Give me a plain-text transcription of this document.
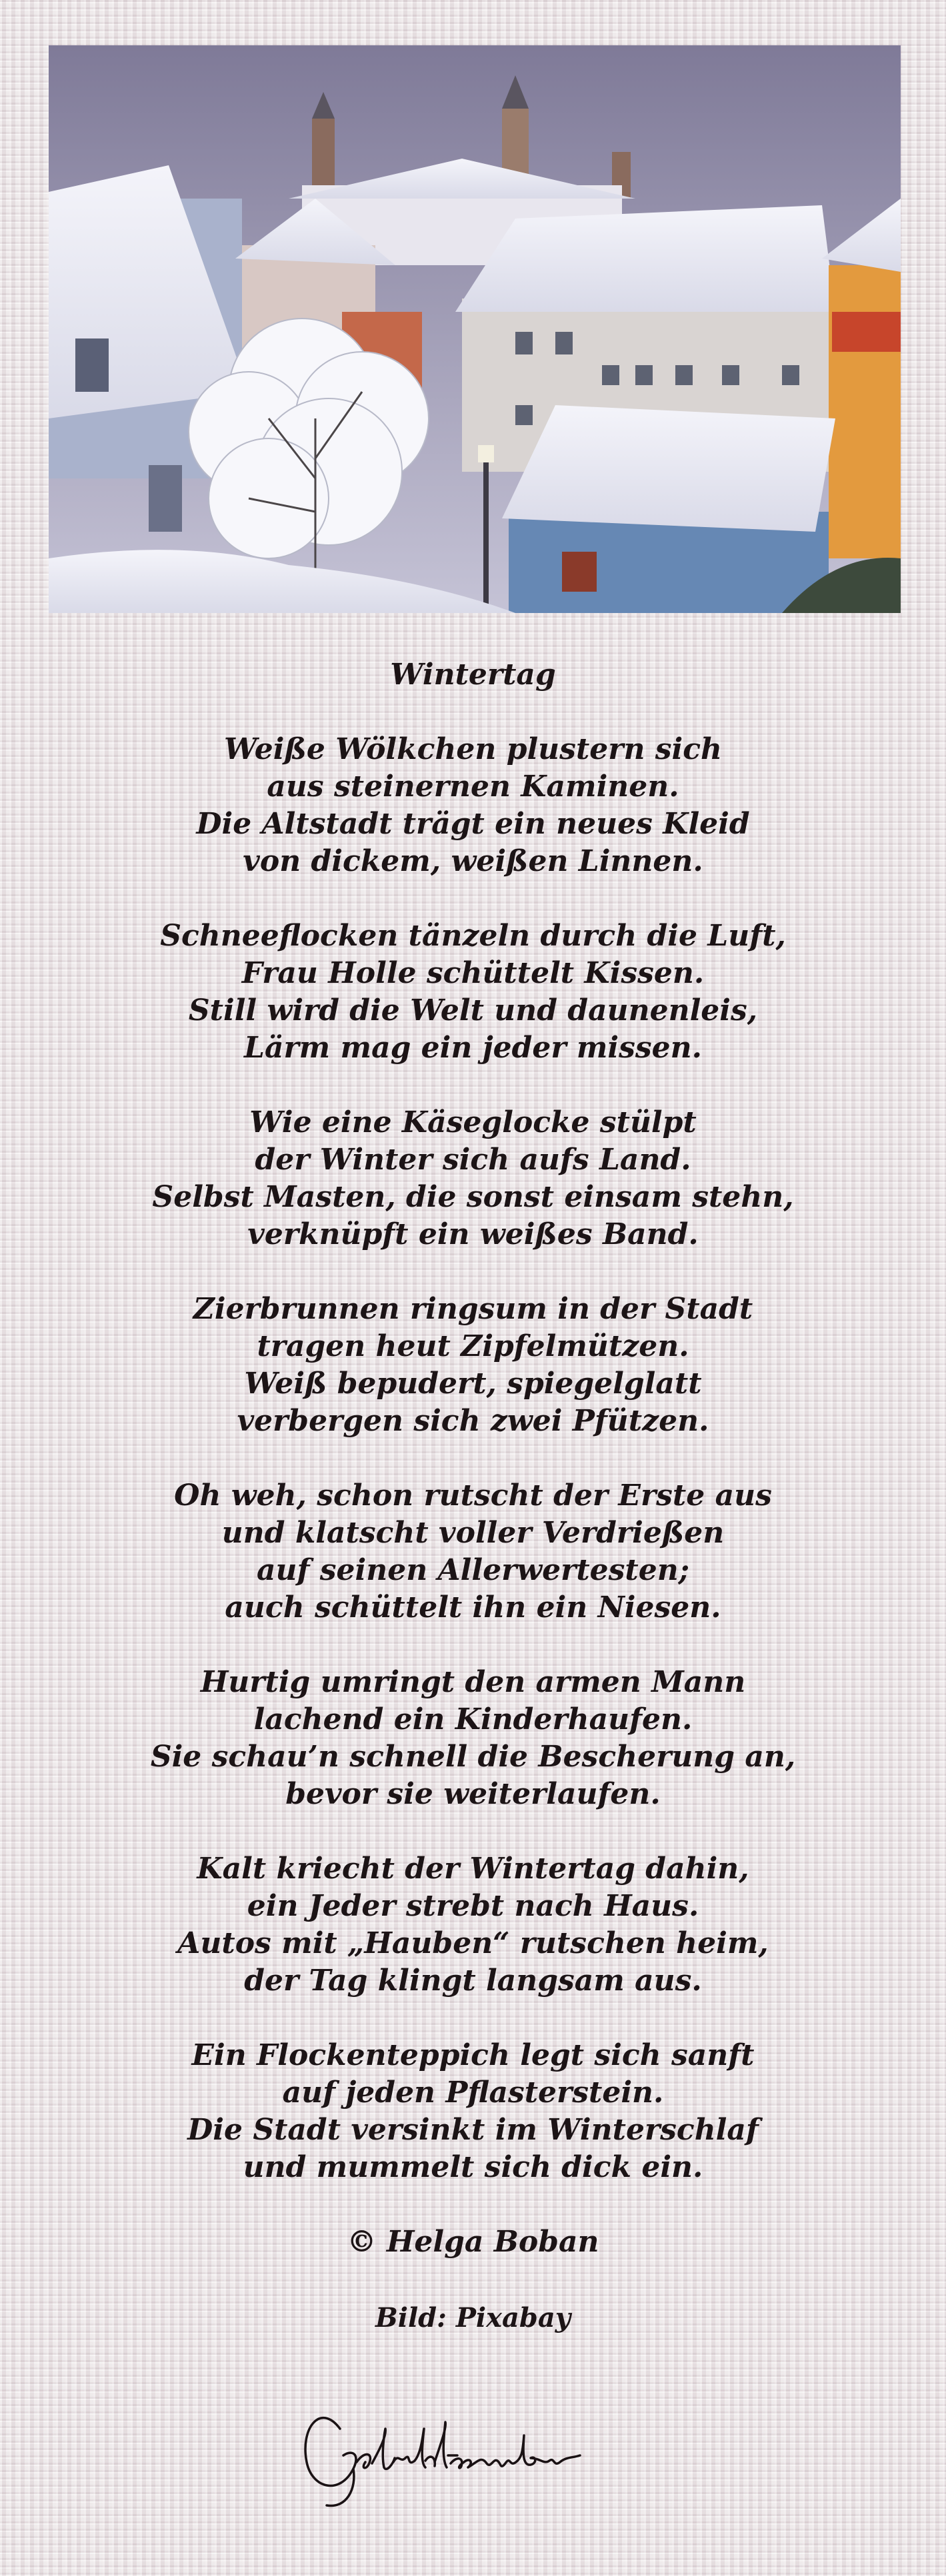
Wintertag

Weiße Wölkchen plustern sich
aus steinernen Kaminen.
Die Altstadt trägt ein neues Kleid
von dickem, weißen Linnen.

Schneeflocken tänzeln durch die Luft,
Frau Holle schüttelt Kissen.
Still wird die Welt und daunenleis,
Lärm mag ein jeder missen.

Wie eine Käseglocke stülpt
der Winter sich aufs Land.
Selbst Masten, die sonst einsam stehn,
verknüpft ein weißes Band.

Zierbrunnen ringsum in der Stadt
tragen heut Zipfelmützen.
Weiß bepudert, spiegelglatt
verbergen sich zwei Pfützen.

Oh weh, schon rutscht der Erste aus
und klatscht voller Verdrießen
auf seinen Allerwertesten;
auch schüttelt ihn ein Niesen.

Hurtig umringt den armen Mann
lachend ein Kinderhaufen.
Sie schau’n schnell die Bescherung an,
bevor sie weiterlaufen.

Kalt kriecht der Wintertag dahin,
ein Jeder strebt nach Haus.
Autos mit „Hauben“ rutschen heim,
der Tag klingt langsam aus.

Ein Flockenteppich legt sich sanft
auf jeden Pflasterstein.
Die Stadt versinkt im Winterschlaf
und mummelt sich dick ein.

© Helga Boban

Bild: Pixabay
